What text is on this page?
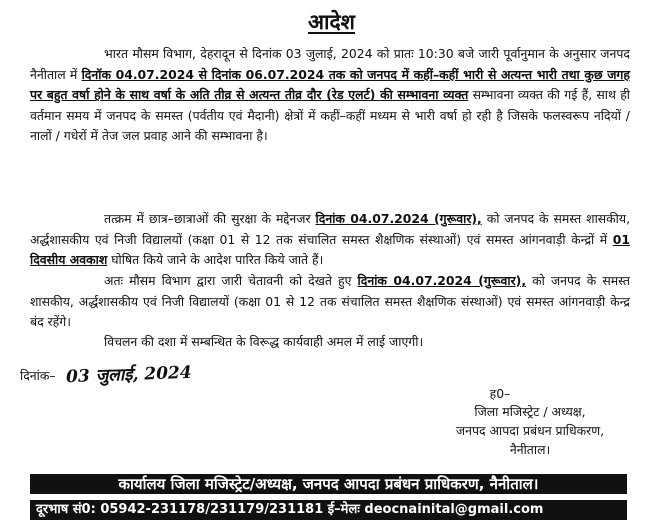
आदेश

भारत मौसम विभाग, देहरादून से दिनांक 03 जुलाई, 2024 को प्रातः 10:30 बजे जारी पूर्वानुमान के अनुसार जनपद नैनीताल में दिनॉक 04.07.2024 से दिनांक 06.07.2024 तक को जनपद में कहीं–कहीं भारी से अत्यन्त भारी तथा कुछ जगह पर बहुत वर्षा होने के साथ वर्षा के अति तीव्र से अत्यन्त तीव्र दौर (रेड एलर्ट) की सम्भावना व्यक्त सम्भावना व्यक्त की गई हैं, साथ ही वर्तमान समय में जनपद के समस्त (पर्वतीय एवं मैदानी) क्षेत्रों में कहीं–कहीं मध्यम से भारी वर्षा हो रही है जिसके फलस्वरूप नदियों / नालों / गधेरों में तेज जल प्रवाह आने की सम्भावना है।

तत्क्रम में छात्र–छात्राओं की सुरक्षा के मद्देनजर दिनांक 04.07.2024 (गुरूवार), को जनपद के समस्त शासकीय, अर्द्धशासकीय एवं निजी विद्यालयों (कक्षा 01 से 12 तक संचालित समस्त शैक्षणिक संस्थाओं) एवं समस्त आंगनवाड़ी केन्द्रों में 01 दिवसीय अवकाश घोषित किये जाने के आदेश पारित किये जाते हैं।

अतः मौसम विभाग द्वारा जारी चेतावनी को देखते हुए दिनांक 04.07.2024 (गुरूवार), को जनपद के समस्त शासकीय, अर्द्धशासकीय एवं निजी विद्यालयों (कक्षा 01 से 12 तक संचालित समस्त शैक्षणिक संस्थाओं) एवं समस्त आंगनवाड़ी केन्द्र बंद रहेंगे।

विचलन की दशा में सम्बन्धित के विरूद्ध कार्यवाही अमल में लाई जाएगी।

दिनांक– 03 जुलाई, 2024
ह0–
जिला मजिस्ट्रेट / अध्यक्ष,
जनपद आपदा प्रबंधन प्राधिकरण,
नैनीताल।
कार्यालय जिला मजिस्ट्रेट/अध्यक्ष, जनपद आपदा प्रबंधन प्राधिकरण, नैनीताल।
दूरभाष सं0: 05942-231178/231179/231181 ई–मेलः deocnainital@gmail.com
